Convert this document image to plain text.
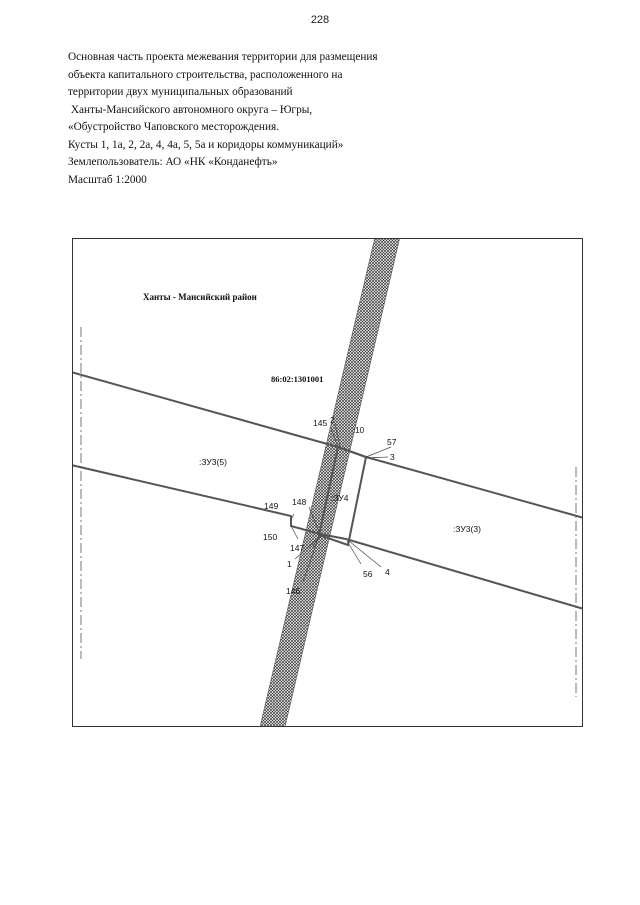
228
Основная часть проекта межевания территории для размещения
объекта капитального строительства, расположенного на
территории двух муниципальных образований
Ханты-Мансийского автономного округа – Югры,
«Обустройство Чаповского месторождения.
Кусты 1, 1а, 2, 2а, 4, 4а, 5, 5а и коридоры коммуникаций»
Землепользователь: АО «НК «Конданефть»
Масштаб 1:2000
Ханты - Мансийский район
86:02:1301001
:ЗУ3(5)
:ЗУ3(3)
:ЗУ4
:10
145 2
57
3
148
149
150
147
1
146
56 4
